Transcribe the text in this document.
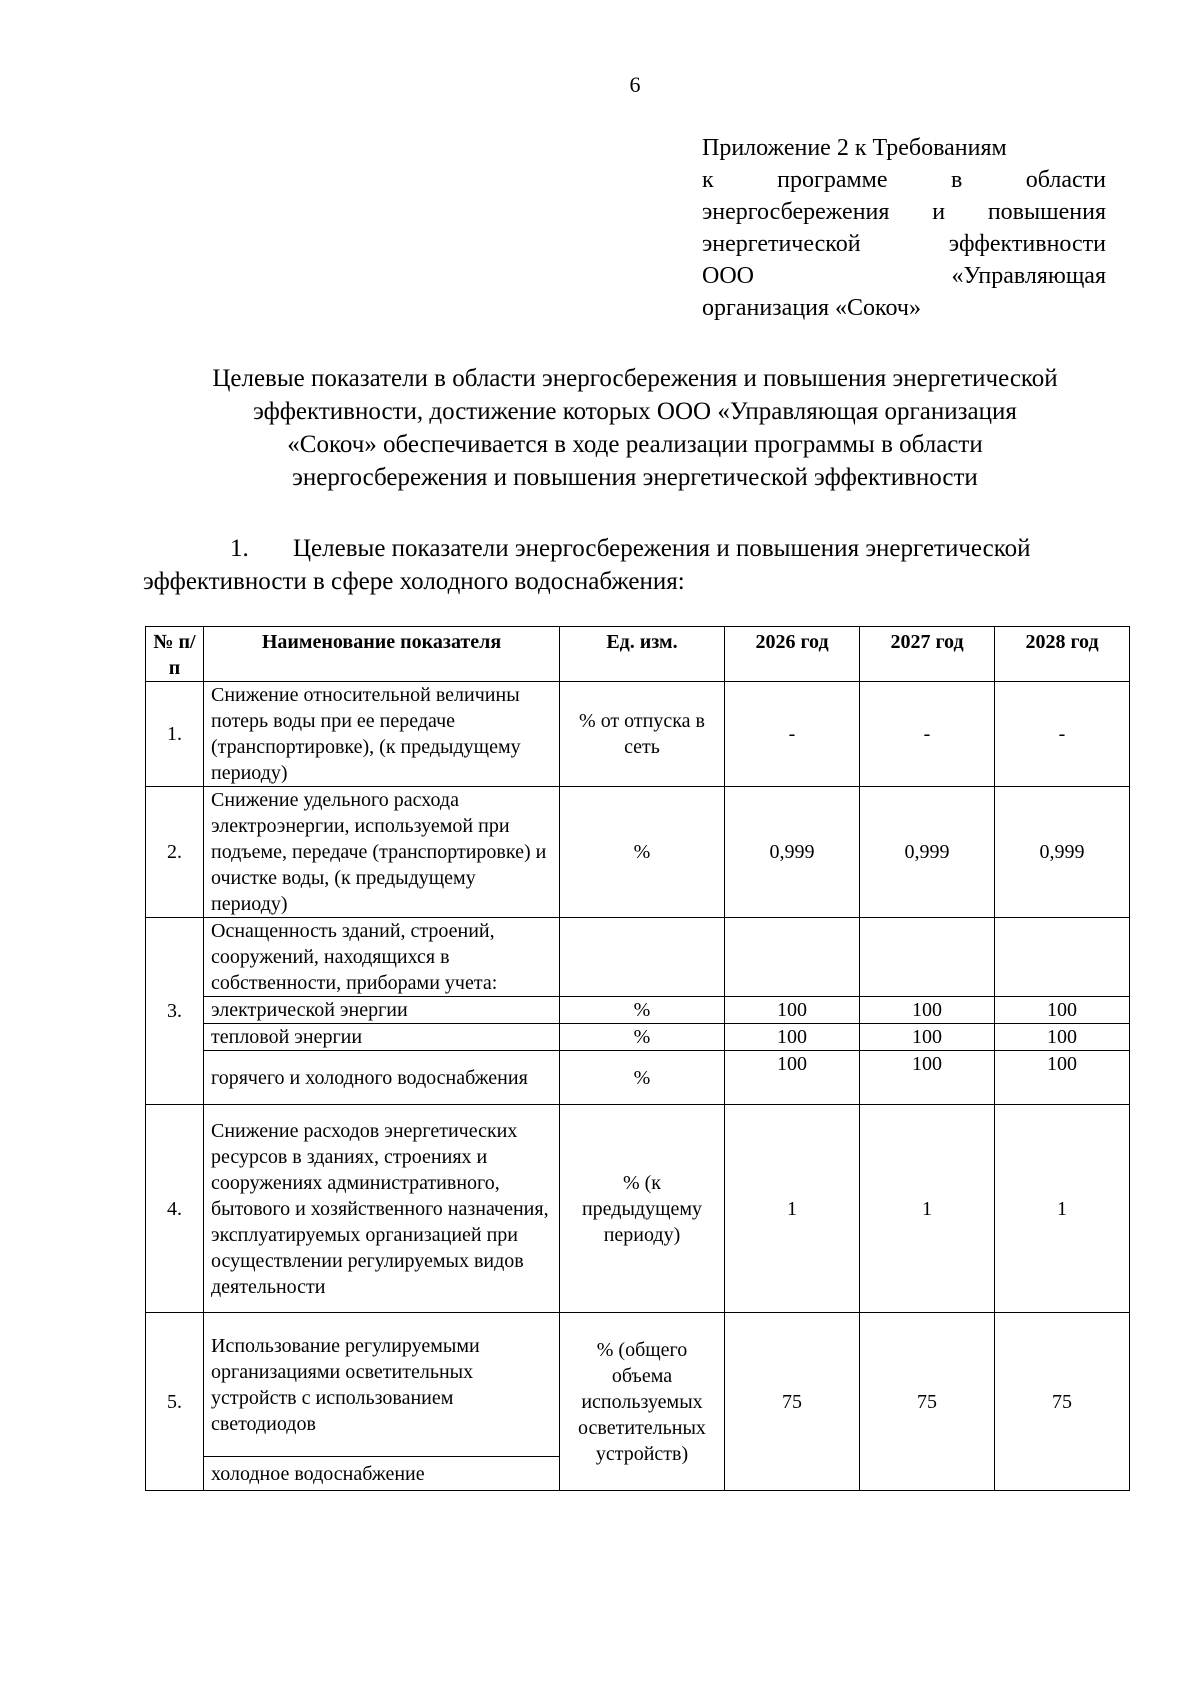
6
Приложение 2 к Требованиям
к программе в области
энергосбережения и повышения
энергетической эффективности
ООО «Управляющая
организация «Сокоч»
Целевые показатели в области энергосбережения и повышения энергетической
эффективности, достижение которых ООО «Управляющая организация
«Сокоч» обеспечивается в ходе реализации программы в области
энергосбережения и повышения энергетической эффективности
1. Целевые показатели энергосбережения и повышения энергетической
эффективности в сфере холодного водоснабжения:
№ п/п	Наименование показателя	Ед. изм.	2026 год	2027 год	2028 год
1.	Снижение относительной величины потерь воды при ее передаче (транспортировке), (к предыдущему периоду)	% от отпуска в сеть	-	-	-
2.	Снижение удельного расхода электроэнергии, используемой при подъеме, передаче (транспортировке) и очистке воды, (к предыдущему периоду)	%	0,999	0,999	0,999
3.	Оснащенность зданий, строений, сооружений, находящихся в собственности, приборами учета:				
	электрической энергии	%	100	100	100
	тепловой энергии	%	100	100	100
	горячего и холодного водоснабжения	%	100	100	100
4.	Снижение расходов энергетических ресурсов в зданиях, строениях и сооружениях административного, бытового и хозяйственного назначения, эксплуатируемых организацией при осуществлении регулируемых видов деятельности	% (к предыдущему периоду)	1	1	1
5.	Использование регулируемыми организациями осветительных устройств с использованием светодиодов	% (общего объема используемых осветительных устройств)	75	75	75
	холодное водоснабжение				
